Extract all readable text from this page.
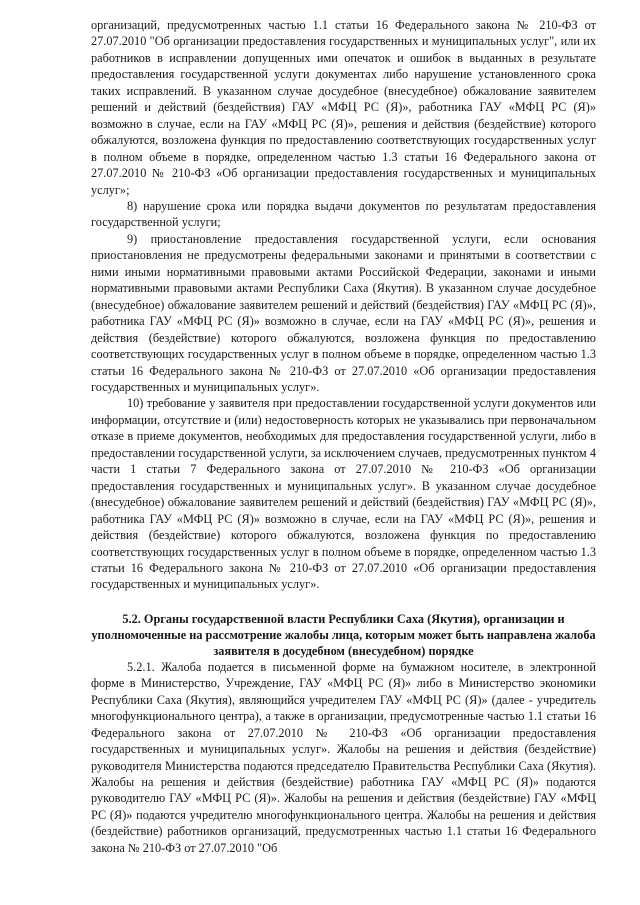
организаций, предусмотренных частью 1.1 статьи 16 Федерального закона № 210-ФЗ от 27.07.2010 "Об организации предоставления государственных и муниципальных услуг", или их работников в исправлении допущенных ими опечаток и ошибок в выданных в результате предоставления государственной услуги документах либо нарушение установленного срока таких исправлений. В указанном случае досудебное (внесудебное) обжалование заявителем решений и действий (бездействия) ГАУ «МФЦ РС (Я)», работника ГАУ «МФЦ РС (Я)» возможно в случае, если на ГАУ «МФЦ РС (Я)», решения и действия (бездействие) которого обжалуются, возложена функция по предоставлению соответствующих государственных услуг в полном объеме в порядке, определенном частью 1.3 статьи 16 Федерального закона от 27.07.2010 № 210-ФЗ «Об организации предоставления государственных и муниципальных услуг»;

8) нарушение срока или порядка выдачи документов по результатам предоставления государственной услуги;

9) приостановление предоставления государственной услуги, если основания приостановления не предусмотрены федеральными законами и принятыми в соответствии с ними иными нормативными правовыми актами Российской Федерации, законами и иными нормативными правовыми актами Республики Саха (Якутия). В указанном случае досудебное (внесудебное) обжалование заявителем решений и действий (бездействия) ГАУ «МФЦ РС (Я)», работника ГАУ «МФЦ РС (Я)» возможно в случае, если на ГАУ «МФЦ РС (Я)», решения и действия (бездействие) которого обжалуются, возложена функция по предоставлению соответствующих государственных услуг в полном объеме в порядке, определенном частью 1.3 статьи 16 Федерального закона № 210-ФЗ от 27.07.2010 «Об организации предоставления государственных и муниципальных услуг».

10) требование у заявителя при предоставлении государственной услуги документов или информации, отсутствие и (или) недостоверность которых не указывались при первоначальном отказе в приеме документов, необходимых для предоставления государственной услуги, либо в предоставлении государственной услуги, за исключением случаев, предусмотренных пунктом 4 части 1 статьи 7 Федерального закона от 27.07.2010 № 210-ФЗ «Об организации предоставления государственных и муниципальных услуг». В указанном случае досудебное (внесудебное) обжалование заявителем решений и действий (бездействия) ГАУ «МФЦ РС (Я)», работника ГАУ «МФЦ РС (Я)» возможно в случае, если на ГАУ «МФЦ РС (Я)», решения и действия (бездействие) которого обжалуются, возложена функция по предоставлению соответствующих государственных услуг в полном объеме в порядке, определенном частью 1.3 статьи 16 Федерального закона № 210-ФЗ от 27.07.2010 «Об организации предоставления государственных и муниципальных услуг».

5.2. Органы государственной власти Республики Саха (Якутия), организации и уполномоченные на рассмотрение жалобы лица, которым может быть направлена жалоба заявителя в досудебном (внесудебном) порядке

5.2.1. Жалоба подается в письменной форме на бумажном носителе, в электронной форме в Министерство, Учреждение, ГАУ «МФЦ РС (Я)» либо в Министерство экономики Республики Саха (Якутия), являющийся учредителем ГАУ «МФЦ РС (Я)» (далее - учредитель многофункционального центра), а также в организации, предусмотренные частью 1.1 статьи 16 Федерального закона от 27.07.2010 № 210-ФЗ «Об организации предоставления государственных и муниципальных услуг». Жалобы на решения и действия (бездействие) руководителя Министерства подаются председателю Правительства Республики Саха (Якутия). Жалобы на решения и действия (бездействие) работника ГАУ «МФЦ РС (Я)» подаются руководителю ГАУ «МФЦ РС (Я)». Жалобы на решения и действия (бездействие) ГАУ «МФЦ РС (Я)» подаются учредителю многофункционального центра. Жалобы на решения и действия (бездействие) работников организаций, предусмотренных частью 1.1 статьи 16 Федерального закона № 210-ФЗ от 27.07.2010 "Об
